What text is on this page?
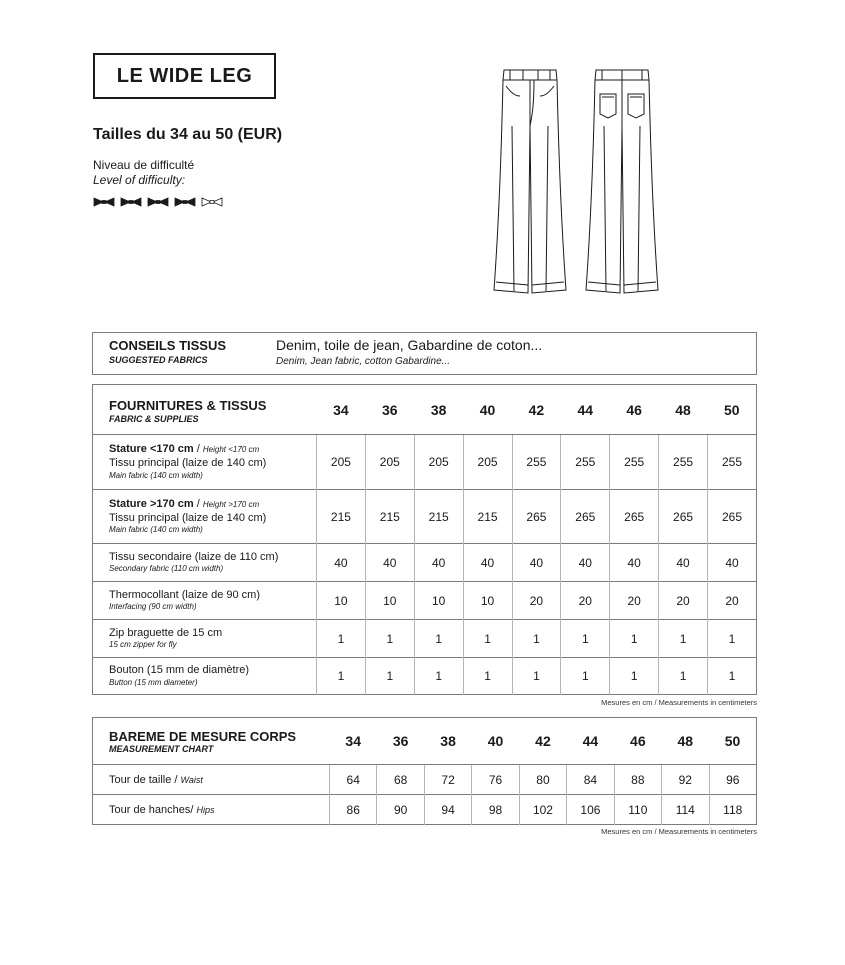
LE WIDE LEG
Tailles du 34 au 50 (EUR)
Niveau de difficulté
Level of difficulty:
CONSEILS TISSUS
SUGGESTED FABRICS
Denim, toile de jean, Gabardine de coton...
Denim, Jean fabric, cotton Gabardine...
FOURNITURES & TISSUS
FABRIC & SUPPLIES	34	36	38	40	42	44	46	48	50

Stature <170 cm / Height <170 cm
Tissu principal (laize de 140 cm)
Main fabric (140 cm width)	205	205	205	205	255	255	255	255	255

Stature >170 cm / Height >170 cm
Tissu principal (laize de 140 cm)
Main fabric (140 cm width)	215	215	215	215	265	265	265	265	265

Tissu secondaire (laize de 110 cm)
Secondary fabric (110 cm width)	40	40	40	40	40	40	40	40	40

Thermocollant (laize de 90 cm)
Interfacing (90 cm width)	10	10	10	10	20	20	20	20	20

Zip braguette de 15 cm
15 cm zipper for fly	1	1	1	1	1	1	1	1	1

Bouton (15 mm de diamètre)
Button (15 mm diameter)	1	1	1	1	1	1	1	1	1
Mesures en cm / Measurements in centimeters
BAREME DE MESURE CORPS
MEASUREMENT CHART	34	36	38	40	42	44	46	48	50
Tour de taille / Waist	64	68	72	76	80	84	88	92	96
Tour de hanches/ Hips	86	90	94	98	102	106	110	114	118
Mesures en cm / Measurements in centimeters
